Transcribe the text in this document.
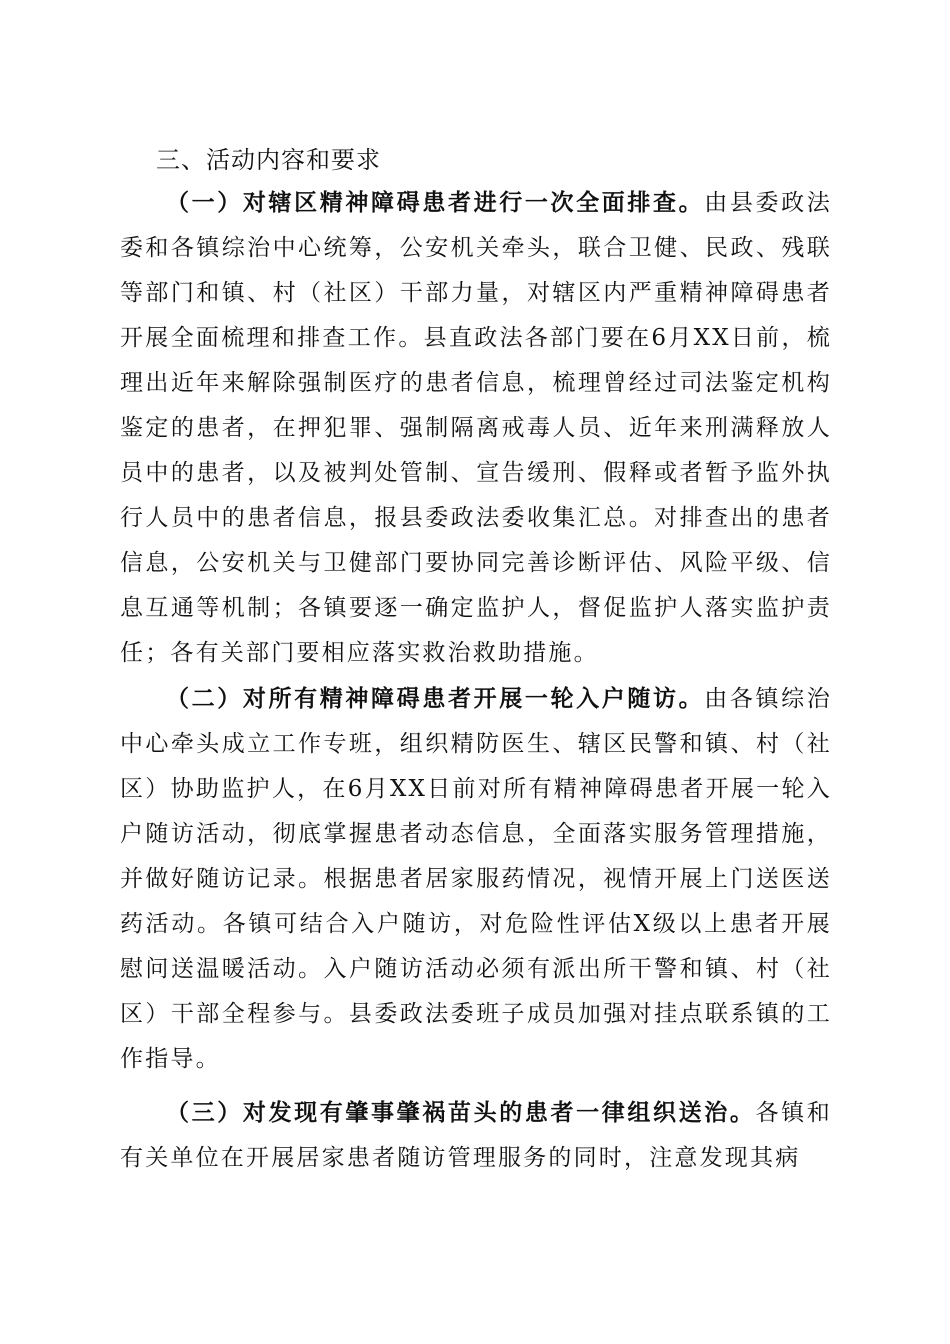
三、活动内容和要求

（一）对辖区精神障碍患者进行一次全面排查。由县委政法委和各镇综治中心统筹，公安机关牵头，联合卫健、民政、残联等部门和镇、村（社区）干部力量，对辖区内严重精神障碍患者开展全面梳理和排查工作。县直政法各部门要在6月XX日前，梳理出近年来解除强制医疗的患者信息，梳理曾经过司法鉴定机构鉴定的患者，在押犯罪、强制隔离戒毒人员、近年来刑满释放人员中的患者，以及被判处管制、宣告缓刑、假释或者暂予监外执行人员中的患者信息，报县委政法委收集汇总。对排查出的患者信息，公安机关与卫健部门要协同完善诊断评估、风险平级、信息互通等机制；各镇要逐一确定监护人，督促监护人落实监护责任；各有关部门要相应落实救治救助措施。

（二）对所有精神障碍患者开展一轮入户随访。由各镇综治中心牵头成立工作专班，组织精防医生、辖区民警和镇、村（社区）协助监护人，在6月XX日前对所有精神障碍患者开展一轮入户随访活动，彻底掌握患者动态信息，全面落实服务管理措施，并做好随访记录。根据患者居家服药情况，视情开展上门送医送药活动。各镇可结合入户随访，对危险性评估X级以上患者开展慰问送温暖活动。入户随访活动必须有派出所干警和镇、村（社区）干部全程参与。县委政法委班子成员加强对挂点联系镇的工作指导。

（三）对发现有肇事肇祸苗头的患者一律组织送治。各镇和有关单位在开展居家患者随访管理服务的同时，注意发现其病
